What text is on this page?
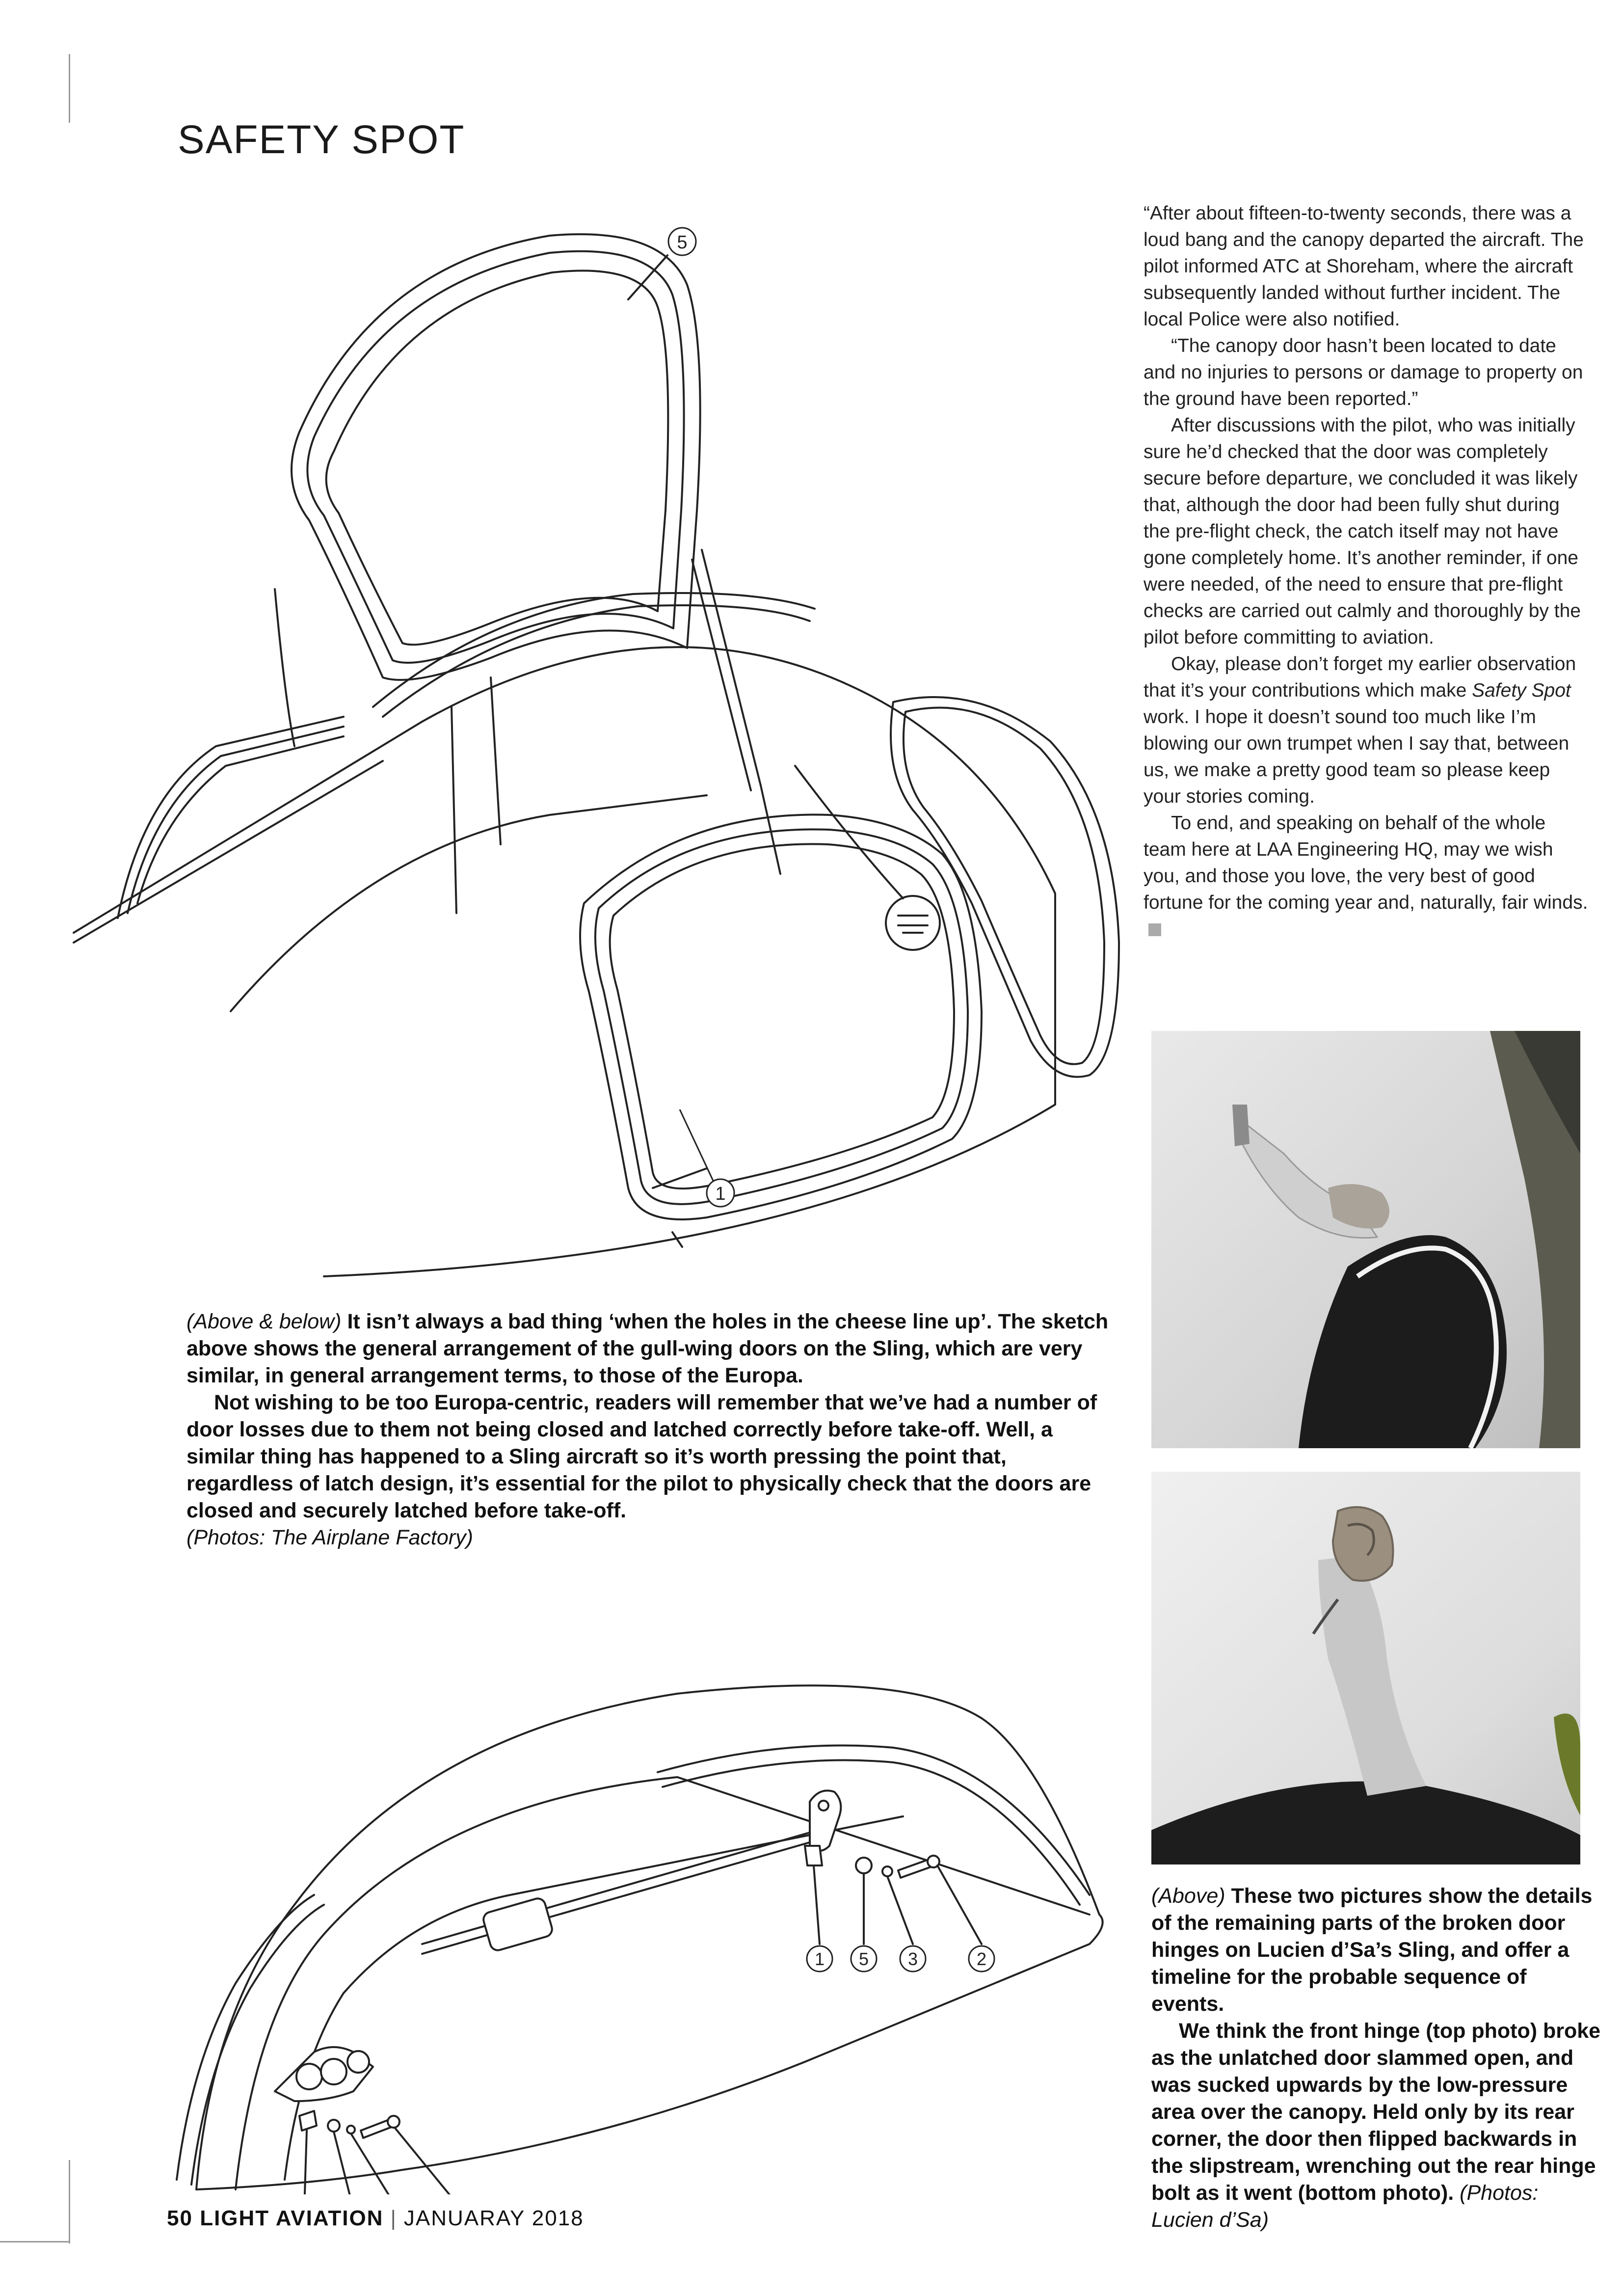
SAFETY SPOT
5
1

“After about fifteen-to-twenty seconds, there was a loud bang and the canopy departed the aircraft. The pilot informed ATC at Shoreham, where the aircraft subsequently landed without further incident. The local Police were also notified.

“The canopy door hasn’t been located to date and no injuries to persons or damage to property on the ground have been reported.”

After discussions with the pilot, who was initially sure he’d checked that the door was completely secure before departure, we concluded it was likely that, although the door had been fully shut during the pre-flight check, the catch itself may not have gone completely home. It’s another reminder, if one were needed, of the need to ensure that pre-flight checks are carried out calmly and thoroughly by the pilot before committing to aviation.

Okay, please don’t forget my earlier observation that it’s your contributions which make Safety Spot work. I hope it doesn’t sound too much like I’m blowing our own trumpet when I say that, between us, we make a pretty good team so please keep your stories coming.

To end, and speaking on behalf of the whole team here at LAA Engineering HQ, may we wish you, and those you love, the very best of good fortune for the coming year and, naturally, fair winds.

(Above & below) It isn’t always a bad thing ‘when the holes in the cheese line up’. The sketch above shows the general arrangement of the gull-wing doors on the Sling, which are very similar, in general arrangement terms, to those of the Europa.

Not wishing to be too Europa-centric, readers will remember that we’ve had a number of door losses due to them not being closed and latched correctly before take-off. Well, a similar thing has happened to a Sling aircraft so it’s worth pressing the point that, regardless of latch design, it’s essential for the pilot to physically check that the doors are closed and securely latched before take-off.

(Photos: The Airplane Factory)
1 5 3	2

(Above) These two pictures show the details of the remaining parts of the broken door hinges on Lucien d’Sa’s Sling, and offer a timeline for the probable sequence of events.

We think the front hinge (top photo) broke as the unlatched door slammed open, and was sucked upwards by the low-pressure area over the canopy. Held only by its rear corner, the door then flipped backwards in the slipstream, wrenching out the rear hinge bolt as it went (bottom photo). (Photos: Lucien d’Sa)

50 LIGHT AVIATION | JANUARAY 2018
